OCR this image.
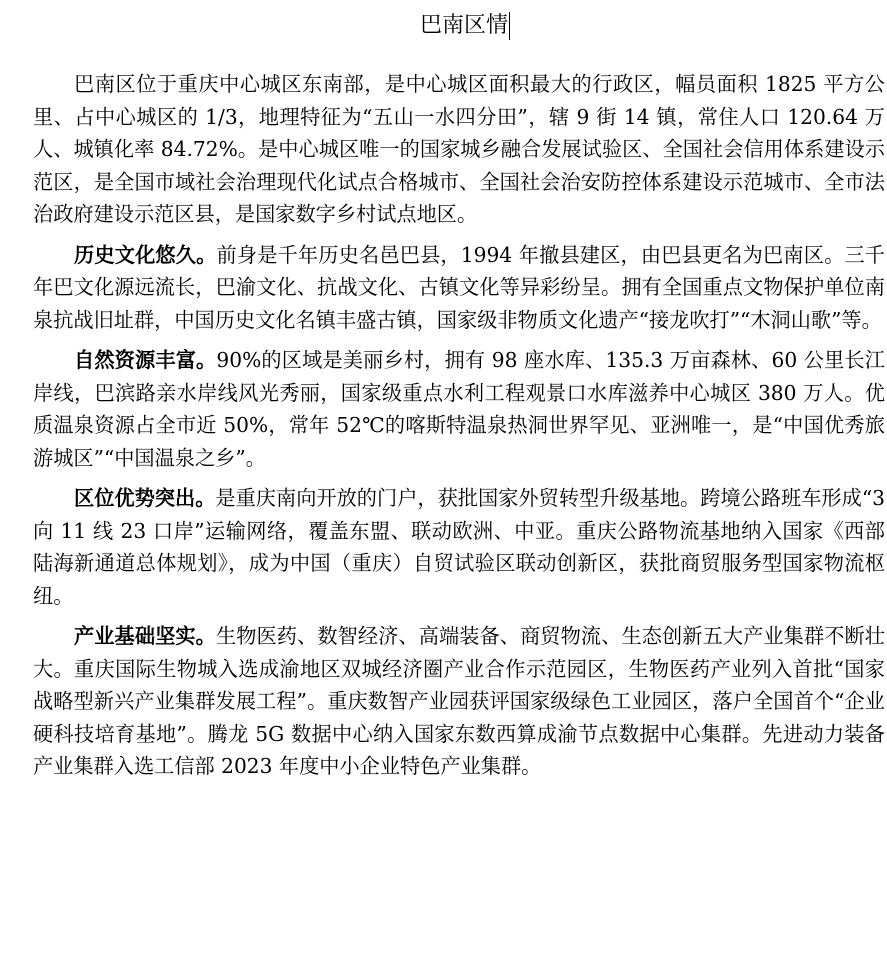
巴南区情

巴南区位于重庆中心城区东南部，是中心城区面积最大的行政区，幅员面积 1825 平方公里、占中心城区的 1/3，地理特征为“五山一水四分田”，辖 9 街 14 镇，常住人口 120.64 万人、城镇化率 84.72%。是中心城区唯一的国家城乡融合发展试验区、全国社会信用体系建设示范区，是全国市域社会治理现代化试点合格城市、全国社会治安防控体系建设示范城市、全市法治政府建设示范区县，是国家数字乡村试点地区。

历史文化悠久。前身是千年历史名邑巴县，1994 年撤县建区，由巴县更名为巴南区。三千年巴文化源远流长，巴渝文化、抗战文化、古镇文化等异彩纷呈。拥有全国重点文物保护单位南泉抗战旧址群，中国历史文化名镇丰盛古镇，国家级非物质文化遗产“接龙吹打”“木洞山歌”等。

自然资源丰富。90%的区域是美丽乡村，拥有 98 座水库、135.3 万亩森林、60 公里长江岸线，巴滨路亲水岸线风光秀丽，国家级重点水利工程观景口水库滋养中心城区 380 万人。优质温泉资源占全市近 50%，常年 52℃的喀斯特温泉热洞世界罕见、亚洲唯一，是“中国优秀旅游城区”“中国温泉之乡”。

区位优势突出。是重庆南向开放的门户，获批国家外贸转型升级基地。跨境公路班车形成“3 向 11 线 23 口岸”运输网络，覆盖东盟、联动欧洲、中亚。重庆公路物流基地纳入国家《西部陆海新通道总体规划》，成为中国（重庆）自贸试验区联动创新区，获批商贸服务型国家物流枢纽。

产业基础坚实。生物医药、数智经济、高端装备、商贸物流、生态创新五大产业集群不断壮大。重庆国际生物城入选成渝地区双城经济圈产业合作示范园区，生物医药产业列入首批“国家战略型新兴产业集群发展工程”。重庆数智产业园获评国家级绿色工业园区，落户全国首个“企业硬科技培育基地”。腾龙 5G 数据中心纳入国家东数西算成渝节点数据中心集群。先进动力装备产业集群入选工信部 2023 年度中小企业特色产业集群。
